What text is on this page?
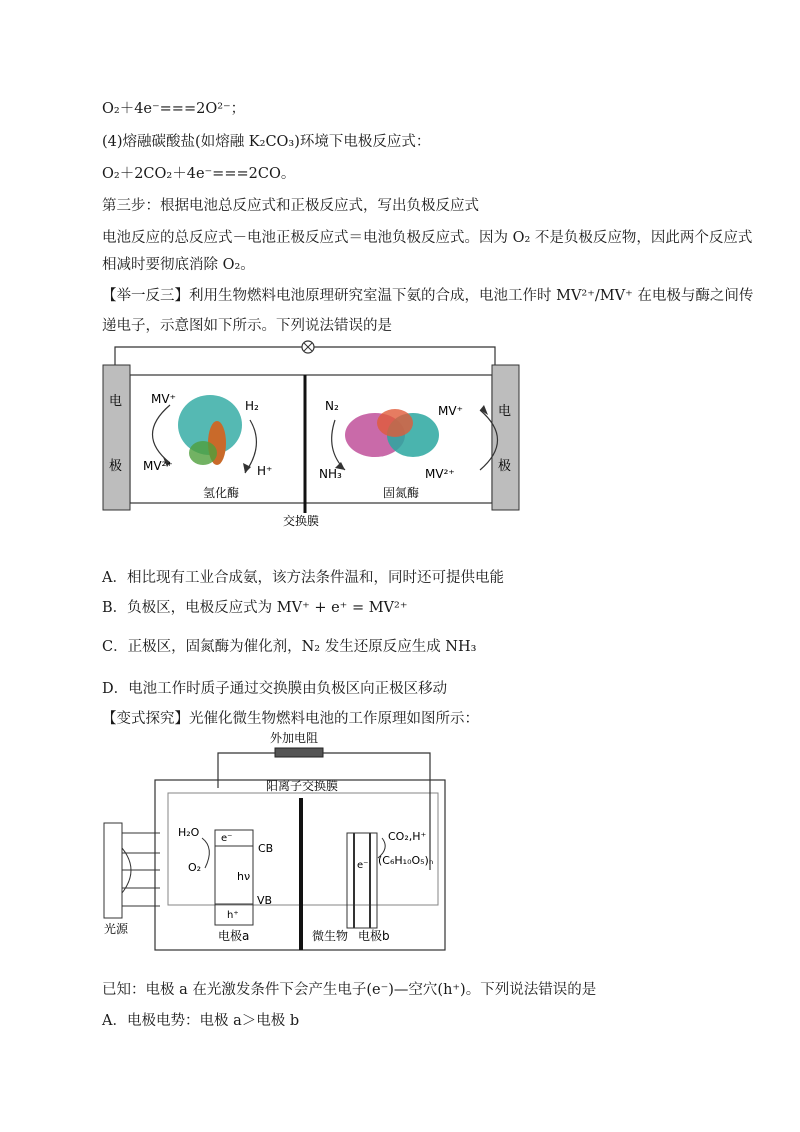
O₂＋4e⁻===2O²⁻；
(4)熔融碳酸盐(如熔融 K₂CO₃)环境下电极反应式：
O₂＋2CO₂＋4e⁻===2CO。
第三步：根据电池总反应式和正极反应式，写出负极反应式
电池反应的总反应式－电池正极反应式＝电池负极反应式。因为 O₂ 不是负极反应物，因此两个反应式
相减时要彻底消除 O₂。
【举一反三】利用生物燃料电池原理研究室温下氨的合成，电池工作时 MV²⁺/MV⁺ 在电极与酶之间传
递电子，示意图如下所示。下列说法错误的是
电
极
电
极
MV⁺
MV²⁺
H₂
H⁺
N₂
NH₃
MV⁺
MV²⁺
氢化酶	固氮酶
交换膜
A．相比现有工业合成氨，该方法条件温和，同时还可提供电能
B．负极区，电极反应式为 MV⁺ + e⁺ = MV²⁺
C．正极区，固氮酶为催化剂，N₂ 发生还原反应生成 NH₃
D．电池工作时质子通过交换膜由负极区向正极区移动
【变式探究】光催化微生物燃料电池的工作原理如图所示：
外加电阻
阳离子交换膜
光源
e⁻
CB
VB
hν
h⁺
H₂O
O₂
电极a
e⁻
CO₂,H⁺
(C₆H₁₀O₅)ₙ
微生物 电极b
已知：电极 a 在光激发条件下会产生电子(e⁻)—空穴(h⁺)。下列说法错误的是
A．电极电势：电极 a＞电极 b
